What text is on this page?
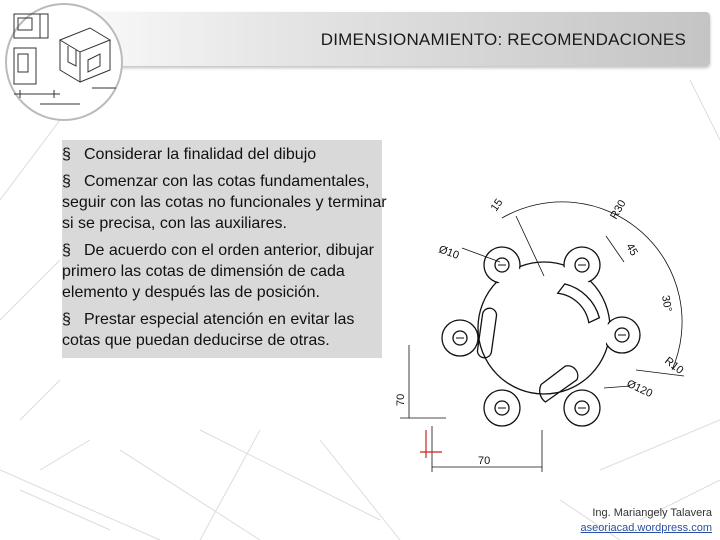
DIMENSIONAMIENTO: RECOMENDACIONES
§ Considerar la finalidad del dibujo
§ Comenzar con las cotas fundamentales, seguir con las cotas no funcionales y terminar si se precisa, con las auxiliares.
§ De acuerdo con el orden anterior, dibujar primero las cotas de dimensión de cada elemento y después las de posición.
§ Prestar especial atención en evitar las cotas que puedan deducirse de otras.
15	R30
Ø10	45
30°
R10
Ø120
70
70
Ing. Mariangely Talavera
aseoriacad.wordpress.com
